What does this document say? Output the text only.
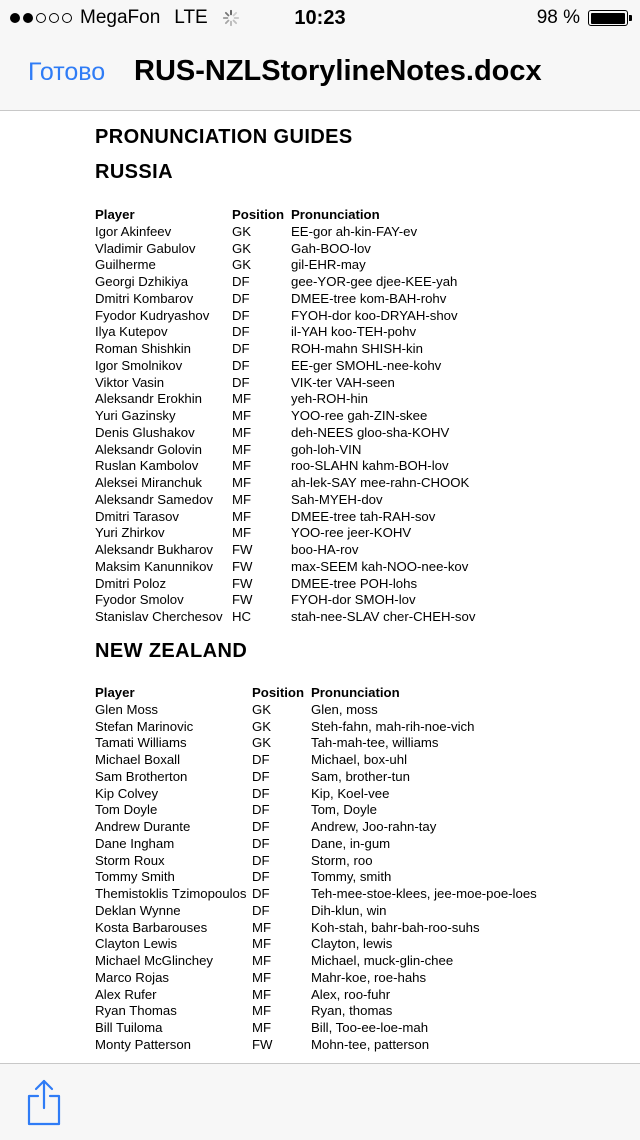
MegaFon LTE	10:23	98 %
Готово RUS-NZLStorylineNotes.docx
PRONUNCIATION GUIDES
RUSSIA
Player	Position	Pronunciation
Igor Akinfeev	GK	EE-gor ah-kin-FAY-ev
Vladimir Gabulov	GK	Gah-BOO-lov
Guilherme	GK	gil-EHR-may
Georgi Dzhikiya	DF	gee-YOR-gee djee-KEE-yah
Dmitri Kombarov	DF	DMEE-tree kom-BAH-rohv
Fyodor Kudryashov	DF	FYOH-dor koo-DRYAH-shov
Ilya Kutepov	DF	il-YAH koo-TEH-pohv
Roman Shishkin	DF	ROH-mahn SHISH-kin
Igor Smolnikov	DF	EE-ger SMOHL-nee-kohv
Viktor Vasin	DF	VIK-ter VAH-seen
Aleksandr Erokhin	MF	yeh-ROH-hin
Yuri Gazinsky	MF	YOO-ree gah-ZIN-skee
Denis Glushakov	MF	deh-NEES gloo-sha-KOHV
Aleksandr Golovin	MF	goh-loh-VIN
Ruslan Kambolov	MF	roo-SLAHN kahm-BOH-lov
Aleksei Miranchuk	MF	ah-lek-SAY mee-rahn-CHOOK
Aleksandr Samedov	MF	Sah-MYEH-dov
Dmitri Tarasov	MF	DMEE-tree tah-RAH-sov
Yuri Zhirkov	MF	YOO-ree jeer-KOHV
Aleksandr Bukharov	FW	boo-HA-rov
Maksim Kanunnikov	FW	max-SEEM kah-NOO-nee-kov
Dmitri Poloz	FW	DMEE-tree POH-lohs
Fyodor Smolov	FW	FYOH-dor SMOH-lov
Stanislav Cherchesov	HC	stah-nee-SLAV cher-CHEH-sov
NEW ZEALAND
Player	Position	Pronunciation
Glen Moss	GK	Glen, moss
Stefan Marinovic	GK	Steh-fahn, mah-rih-noe-vich
Tamati Williams	GK	Tah-mah-tee, williams
Michael Boxall	DF	Michael, box-uhl
Sam Brotherton	DF	Sam, brother-tun
Kip Colvey	DF	Kip, Koel-vee
Tom Doyle	DF	Tom, Doyle
Andrew Durante	DF	Andrew, Joo-rahn-tay
Dane Ingham	DF	Dane, in-gum
Storm Roux	DF	Storm, roo
Tommy Smith	DF	Tommy, smith
Themistoklis Tzimopoulos	DF	Teh-mee-stoe-klees, jee-moe-poe-loes
Deklan Wynne	DF	Dih-klun, win
Kosta Barbarouses	MF	Koh-stah, bahr-bah-roo-suhs
Clayton Lewis	MF	Clayton, lewis
Michael McGlinchey	MF	Michael, muck-glin-chee
Marco Rojas	MF	Mahr-koe, roe-hahs
Alex Rufer	MF	Alex, roo-fuhr
Ryan Thomas	MF	Ryan, thomas
Bill Tuiloma	MF	Bill, Too-ee-loe-mah
Monty Patterson	FW	Mohn-tee, patterson
